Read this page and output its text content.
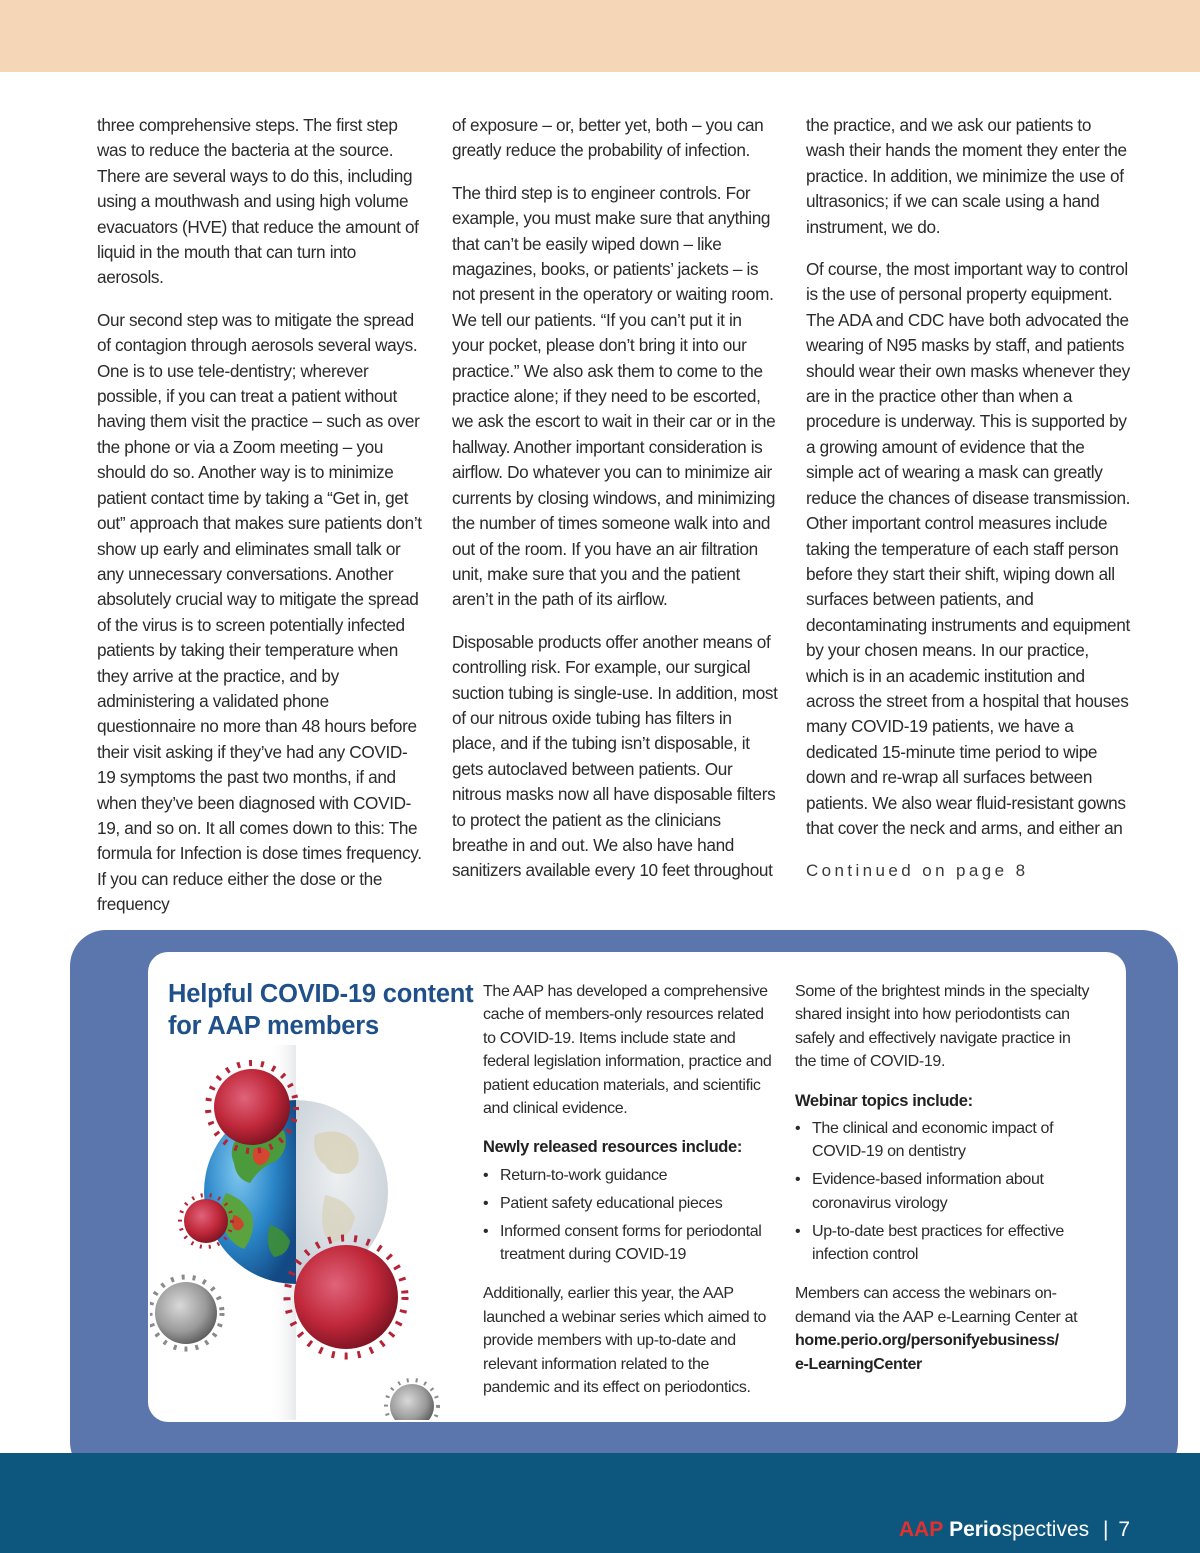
three comprehensive steps. The first step was to reduce the bacteria at the source. There are several ways to do this, including using a mouthwash and using high volume evacuators (HVE) that reduce the amount of liquid in the mouth that can turn into aerosols.

Our second step was to mitigate the spread of contagion through aerosols several ways. One is to use tele-dentistry; wherever possible, if you can treat a patient without having them visit the practice – such as over the phone or via a Zoom meeting – you should do so. Another way is to minimize patient contact time by taking a “Get in, get out” approach that makes sure patients don’t show up early and eliminates small talk or any unnecessary conversations. Another absolutely crucial way to mitigate the spread of the virus is to screen potentially infected patients by taking their temperature when they arrive at the practice, and by administering a validated phone questionnaire no more than 48 hours before their visit asking if they’ve had any COVID-19 symptoms the past two months, if and when they’ve been diagnosed with COVID-19, and so on. It all comes down to this: The formula for Infection is dose times frequency. If you can reduce either the dose or the frequency

of exposure – or, better yet, both – you can greatly reduce the probability of infection.

The third step is to engineer controls. For example, you must make sure that anything that can’t be easily wiped down – like magazines, books, or patients’ jackets – is not present in the operatory or waiting room. We tell our patients. “If you can’t put it in your pocket, please don’t bring it into our practice.” We also ask them to come to the practice alone; if they need to be escorted, we ask the escort to wait in their car or in the hallway. Another important consideration is airflow. Do whatever you can to minimize air currents by closing windows, and minimizing the number of times someone walk into and out of the room. If you have an air filtration unit, make sure that you and the patient aren’t in the path of its airflow.

Disposable products offer another means of controlling risk. For example, our surgical suction tubing is single-use. In addition, most of our nitrous oxide tubing has filters in place, and if the tubing isn’t disposable, it gets autoclaved between patients. Our nitrous masks now all have disposable filters to protect the patient as the clinicians breathe in and out. We also have hand sanitizers available every 10 feet throughout

the practice, and we ask our patients to wash their hands the moment they enter the practice. In addition, we minimize the use of ultrasonics; if we can scale using a hand instrument, we do.

Of course, the most important way to control is the use of personal property equipment. The ADA and CDC have both advocated the wearing of N95 masks by staff, and patients should wear their own masks whenever they are in the practice other than when a procedure is underway. This is supported by a growing amount of evidence that the simple act of wearing a mask can greatly reduce the chances of disease transmission. Other important control measures include taking the temperature of each staff person before they start their shift, wiping down all surfaces between patients, and decontaminating instruments and equipment by your chosen means. In our practice, which is in an academic institution and across the street from a hospital that houses many COVID-19 patients, we have a dedicated 15-minute time period to wipe down and re-wrap all surfaces between patients. We also wear fluid-resistant gowns that cover the neck and arms, and either an

Continued on page 8
Helpful COVID-19 content
for AAP members

The AAP has developed a comprehensive cache of members-only resources related to COVID-19. Items include state and federal legislation information, practice and patient education materials, and scientific and clinical evidence.

Newly released resources include:
• Return-to-work guidance
• Patient safety educational pieces
• Informed consent forms for periodontal treatment during COVID-19

Additionally, earlier this year, the AAP launched a webinar series which aimed to provide members with up-to-date and relevant information related to the pandemic and its effect on periodontics.

Some of the brightest minds in the specialty shared insight into how periodontists can safely and effectively navigate practice in the time of COVID-19.

Webinar topics include:
• The clinical and economic impact of COVID-19 on dentistry
• Evidence-based information about coronavirus virology
• Up-to-date best practices for effective infection control

Members can access the webinars on-demand via the AAP e-Learning Center at
home.perio.org/personifyebusiness/
e-LearningCenter

AAP Periospectives | 7
